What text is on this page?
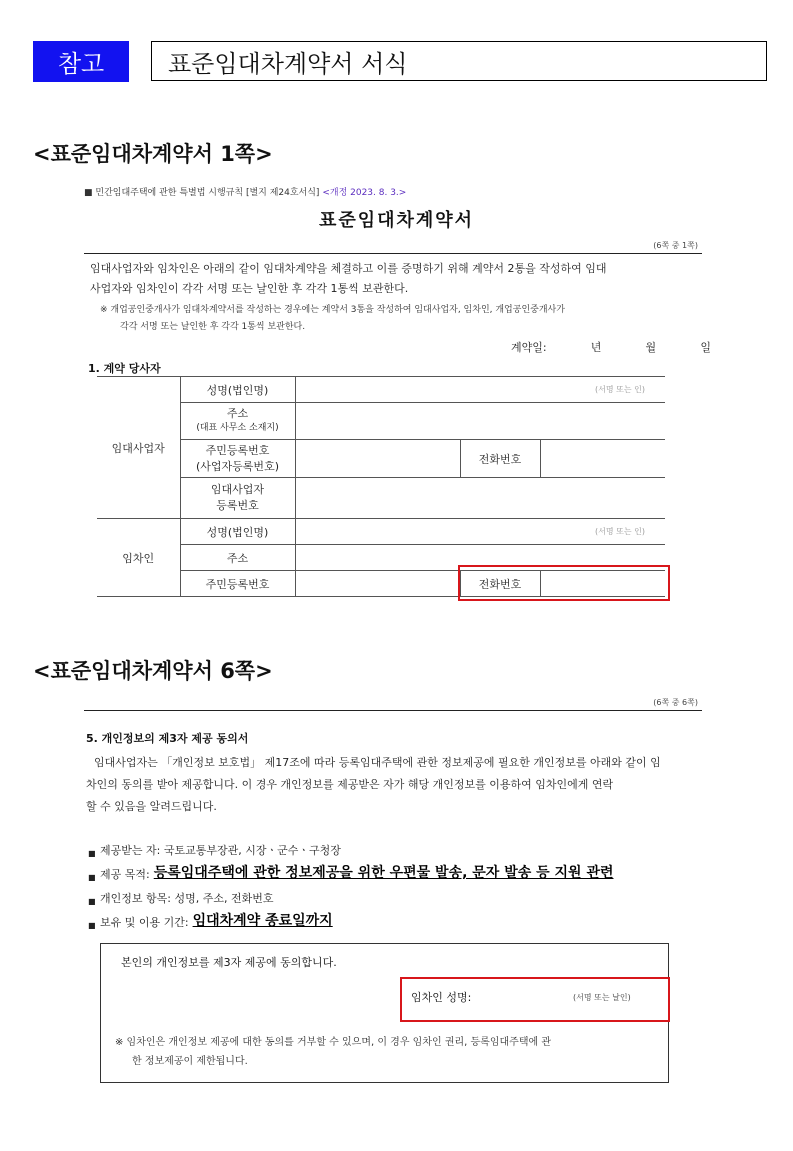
참고	표준임대차계약서 서식
<표준임대차계약서 1쪽>
■ 민간임대주택에 관한 특별법 시행규칙 [별지 제24호서식] <개정 2023. 8. 3.>
표준임대차계약서
(6쪽 중 1쪽)
임대사업자와 임차인은 아래의 같이 임대차계약을 체결하고 이를 증명하기 위해 계약서 2통을 작성하여 임대
사업자와 임차인이 각각 서명 또는 날인한 후 각각 1통씩 보관한다.
※ 개업공인중개사가 임대차계약서를 작성하는 경우에는 계약서 3통을 작성하여 임대사업자, 임차인, 개업공인중개사가
각각 서명 또는 날인한 후 각각 1통씩 보관한다.
계약일:	년	월	일
1. 계약 당사자
임대사업자	성명(법인명)	(서명 또는 인)		

	주소
(대표 사무소 소재지)			

	주민등록번호
(사업자등록번호)		전화번호	

	임대사업자
등록번호			

임차인	성명(법인명)	(서명 또는 인)		
	주소			
	주민등록번호		전화번호	
<표준임대차계약서 6쪽>
(6쪽 중 6쪽)
5. 개인정보의 제3자 제공 동의서
임대사업자는 「개인정보 보호법」 제17조에 따라 등록임대주택에 관한 정보제공에 필요한 개인정보를 아래와 같이 임
차인의 동의를 받아 제공합니다. 이 경우 개인정보를 제공받은 자가 해당 개인정보를 이용하여 임차인에게 연락
할 수 있음을 알려드립니다.
■ 제공받는 자: 국토교통부장관, 시장ㆍ군수ㆍ구청장
■ 제공 목적: 등록임대주택에 관한 정보제공을 위한 우편물 발송, 문자 발송 등 지원 관련
■ 개인정보 항목: 성명, 주소, 전화번호
■ 보유 및 이용 기간: 임대차계약 종료일까지
본인의 개인정보를 제3자 제공에 동의합니다.
임차인 성명:	(서명 또는 날인)
※ 임차인은 개인정보 제공에 대한 동의를 거부할 수 있으며, 이 경우 임차인 권리, 등록임대주택에 관
한 정보제공이 제한됩니다.
